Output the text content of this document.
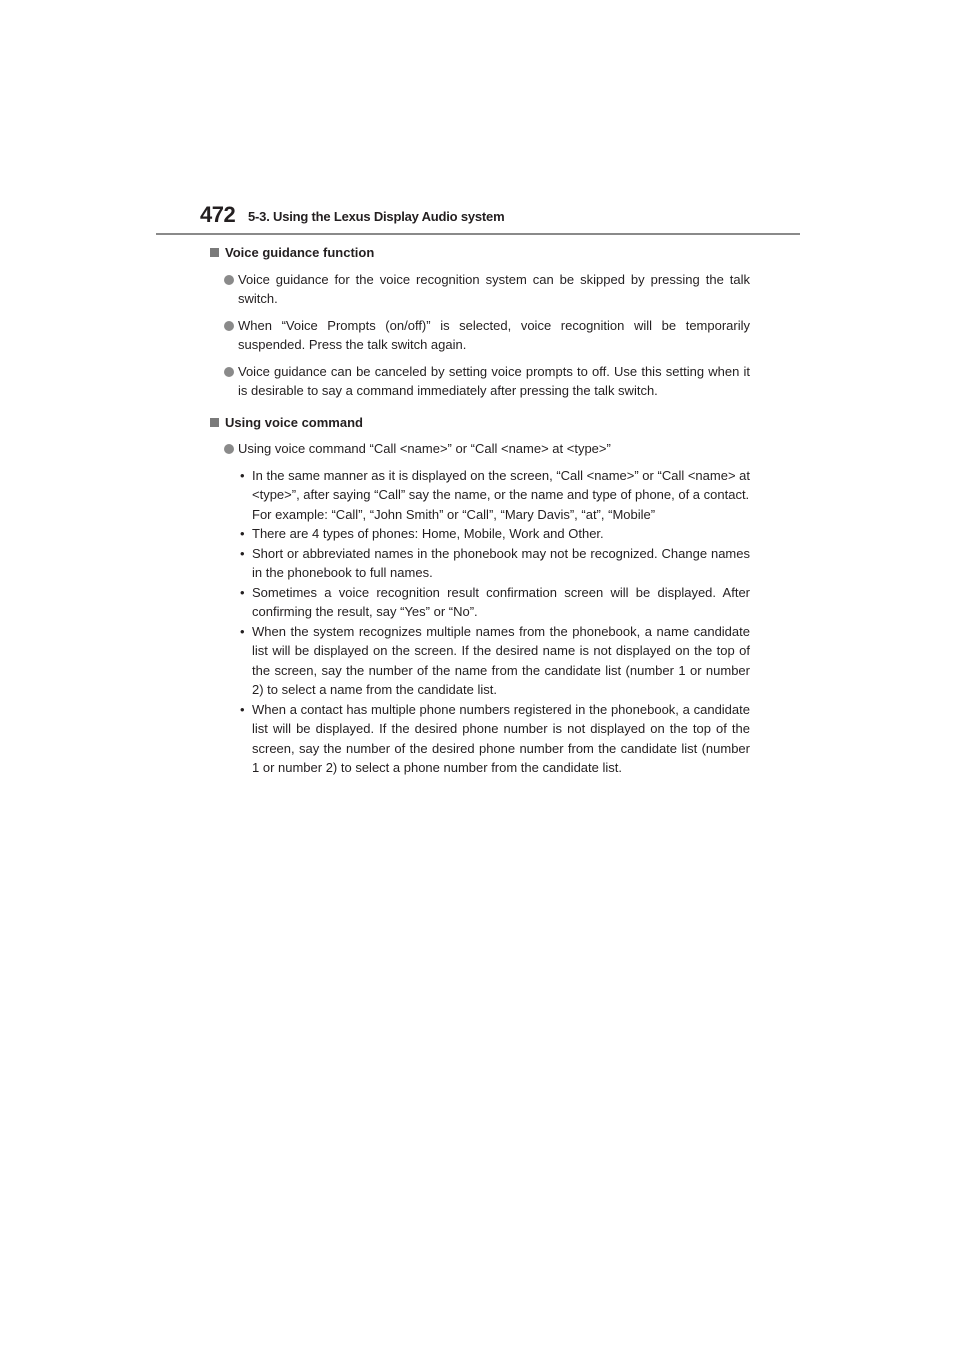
472 5-3. Using the Lexus Display Audio system
Voice guidance function
Voice guidance for the voice recognition system can be skipped by pressing the talk switch.
When “Voice Prompts (on/off)” is selected, voice recognition will be temporarily suspended. Press the talk switch again.
Voice guidance can be canceled by setting voice prompts to off. Use this setting when it is desirable to say a command immediately after pressing the talk switch.
Using voice command
Using voice command “Call <name>” or “Call <name> at <type>”
• In the same manner as it is displayed on the screen, “Call <name>” or “Call <name> at <type>”, after saying “Call” say the name, or the name and type of phone, of a contact.
For example: “Call”, “John Smith” or “Call”, “Mary Davis”, “at”, “Mobile”
• There are 4 types of phones: Home, Mobile, Work and Other.
• Short or abbreviated names in the phonebook may not be recognized. Change names in the phonebook to full names.
• Sometimes a voice recognition result confirmation screen will be displayed. After confirming the result, say “Yes” or “No”.
• When the system recognizes multiple names from the phonebook, a name candidate list will be displayed on the screen. If the desired name is not displayed on the top of the screen, say the number of the name from the candidate list (number 1 or number 2) to select a name from the candidate list.
• When a contact has multiple phone numbers registered in the phonebook, a candidate list will be displayed. If the desired phone number is not displayed on the top of the screen, say the number of the desired phone number from the candidate list (number 1 or number 2) to select a phone number from the candidate list.
